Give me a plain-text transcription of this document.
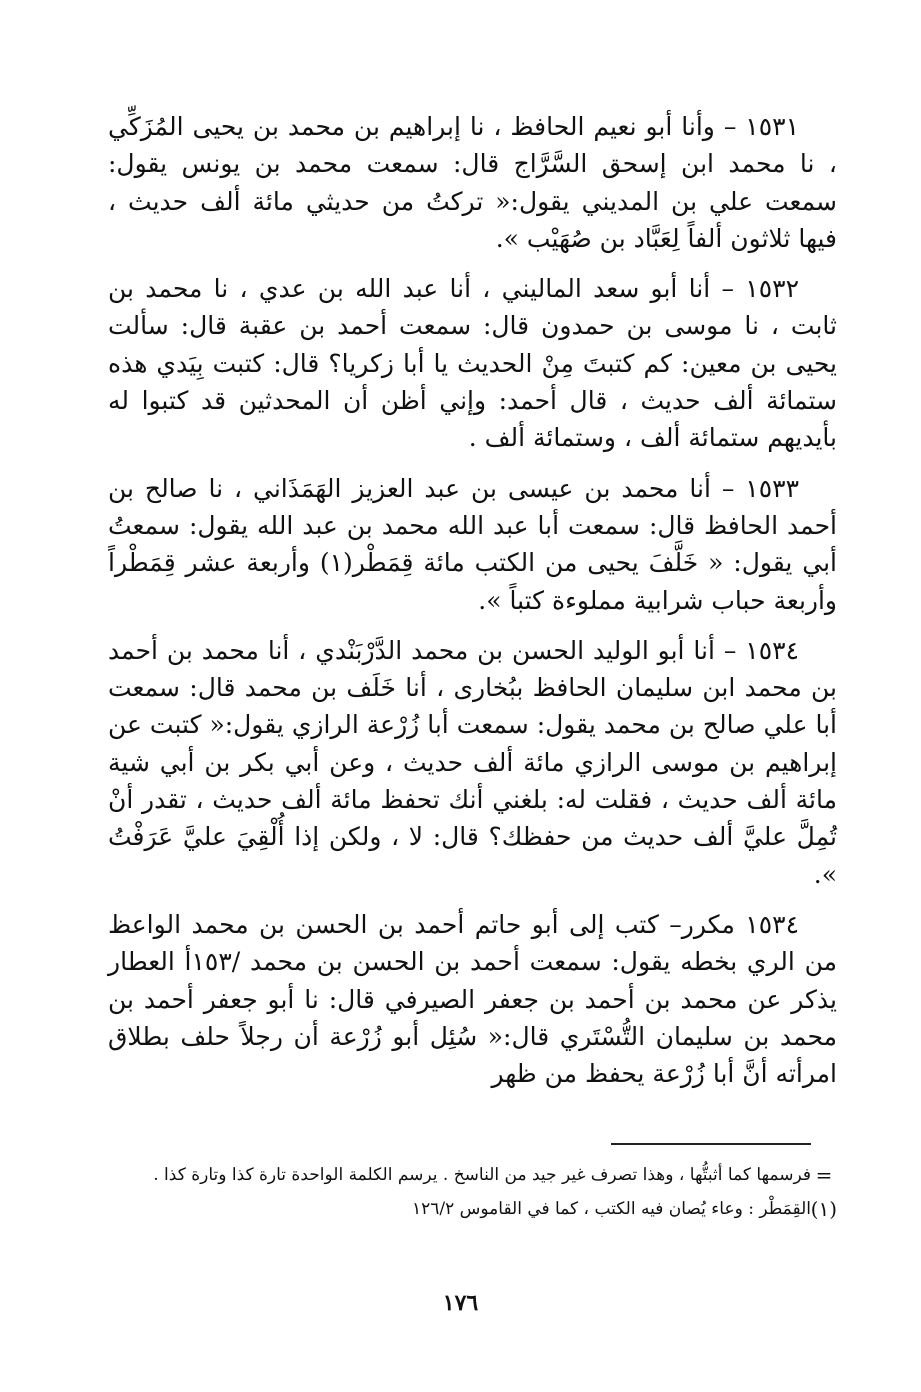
١٥٣١ – وأنا أبو نعيم الحافظ ، نا إبراهيم بن محمد بن يحيى المُزَكِّي ، نا محمد ابن إسحق السَّرَّاج قال: سمعت محمد بن يونس يقول: سمعت علي بن المديني يقول:« تركتُ من حديثي مائة ألف حديث ، فيها ثلاثون ألفاً لِعَبَّاد بن صُهَيْب ».

١٥٣٢ – أنا أبو سعد الماليني ، أنا عبد الله بن عدي ، نا محمد بن ثابت ، نا موسى بن حمدون قال: سمعت أحمد بن عقبة قال: سألت يحيى بن معين: كم كتبتَ مِنْ الحديث يا أبا زكريا؟ قال: كتبت بِيَدي هذه ستمائة ألف حديث ، قال أحمد: وإني أظن أن المحدثين قد كتبوا له بأيديهم ستمائة ألف ، وستمائة ألف .

١٥٣٣ – أنا محمد بن عيسى بن عبد العزيز الهَمَذَاني ، نا صالح بن أحمد الحافظ قال: سمعت أبا عبد الله محمد بن عبد الله يقول: سمعتُ أبي يقول: « خَلَّفَ يحيى من الكتب مائة قِمَطْر(١) وأربعة عشر قِمَطْراً وأربعة حباب شرابية مملوءة كتباً ».

١٥٣٤ – أنا أبو الوليد الحسن بن محمد الدَّرْبَنْدي ، أنا محمد بن أحمد بن محمد ابن سليمان الحافظ ببُخاری ، أنا خَلَف بن محمد قال: سمعت أبا علي صالح بن محمد يقول: سمعت أبا زُرْعة الرازي يقول:« كتبت عن إبراهيم بن موسى الرازي مائة ألف حديث ، وعن أبي بكر بن أبي شية مائة ألف حديث ، فقلت له: بلغني أنك تحفظ مائة ألف حديث ، تقدر أنْ تُمِلَّ عليَّ ألف حديث من حفظك؟ قال: لا ، ولكن إذا أُلْقِيَ عليَّ عَرَفْتُ ».

١٥٣٤ مكرر– كتب إلى أبو حاتم أحمد بن الحسن بن محمد الواعظ من الري بخطه يقول: سمعت أحمد بن الحسن بن محمد /١٥٣أ العطار يذكر عن محمد بن أحمد بن جعفر الصيرفي قال: نا أبو جعفر أحمد بن محمد بن سليمان التُّسْتَري قال:« سُئِل أبو زُرْعة أن رجلاً حلف بطلاق امرأته أنَّ أبا زُرْعة يحفظ من ظهر

=
فرسمها كما أثبتُّها ، وهذا تصرف غير جيد من الناسخ . يرسم الكلمة الواحدة تارة كذا وتارة كذا .
(١)
القِمَطْر : وعاء يُصان فيه الكتب ، كما في القاموس ١٢٦/٢
١٧٦
